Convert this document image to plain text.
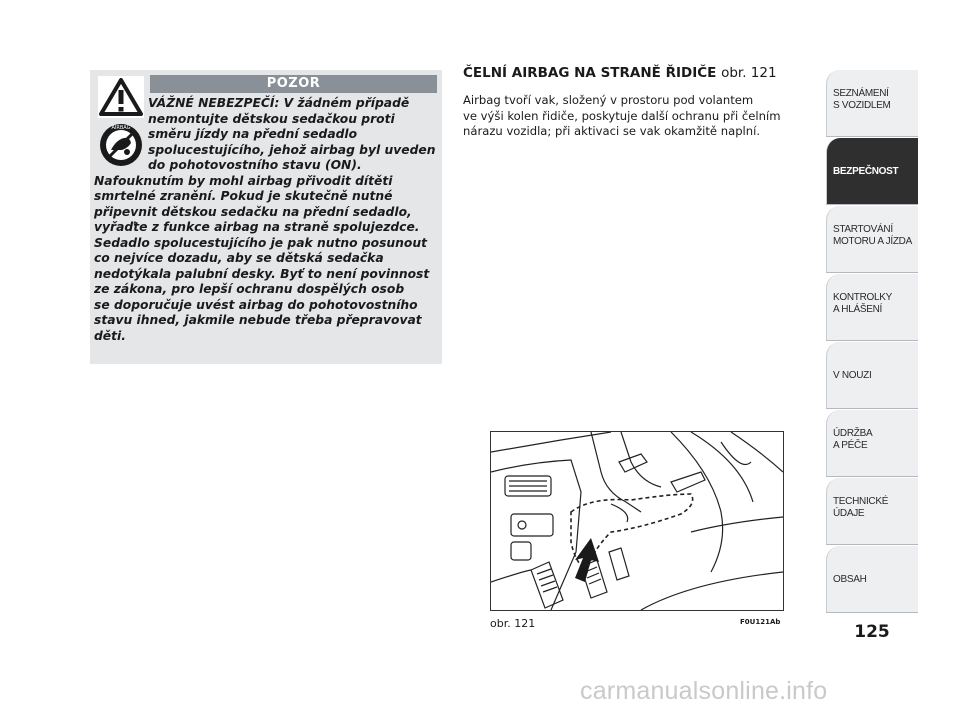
AIRBAG
POZOR
VÁŽNÉ NEBEZPEČÍ: V žádném případě
nemontujte dětskou sedačkou proti
směru jízdy na přední sedadlo
spolucestujícího, jehož airbag byl uveden
do pohotovostního stavu (ON).
Nafouknutím by mohl airbag přivodit dítěti
smrtelné zranění. Pokud je skutečně nutné
připevnit dětskou sedačku na přední sedadlo,
vyřaďte z funkce airbag na straně spolujezdce.
Sedadlo spolucestujícího je pak nutno posunout
co nejvíce dozadu, aby se dětská sedačka
nedotýkala palubní desky. Byť to není povinnost
ze zákona, pro lepší ochranu dospělých osob
se doporučuje uvést airbag do pohotovostního
stavu ihned, jakmile nebude třeba přepravovat
děti.
ČELNÍ AIRBAG NA STRANĚ ŘIDIČE obr. 121
Airbag tvoří vak, složený v prostoru pod volantem
ve výši kolen řidiče, poskytuje další ochranu při čelním
nárazu vozidla; při aktivaci se vak okamžitě naplní.
obr. 121	F0U121Ab
SEZNÁMENÍ
S VOZIDLEM
BEZPEČNOST
STARTOVÁNÍ
MOTORU A JÍZDA
KONTROLKY
A HLÁŠENÍ
V NOUZI
ÚDRŽBA
A PÉČE
TECHNICKÉ
ÚDAJE
OBSAH
125
carmanualsonline.info
